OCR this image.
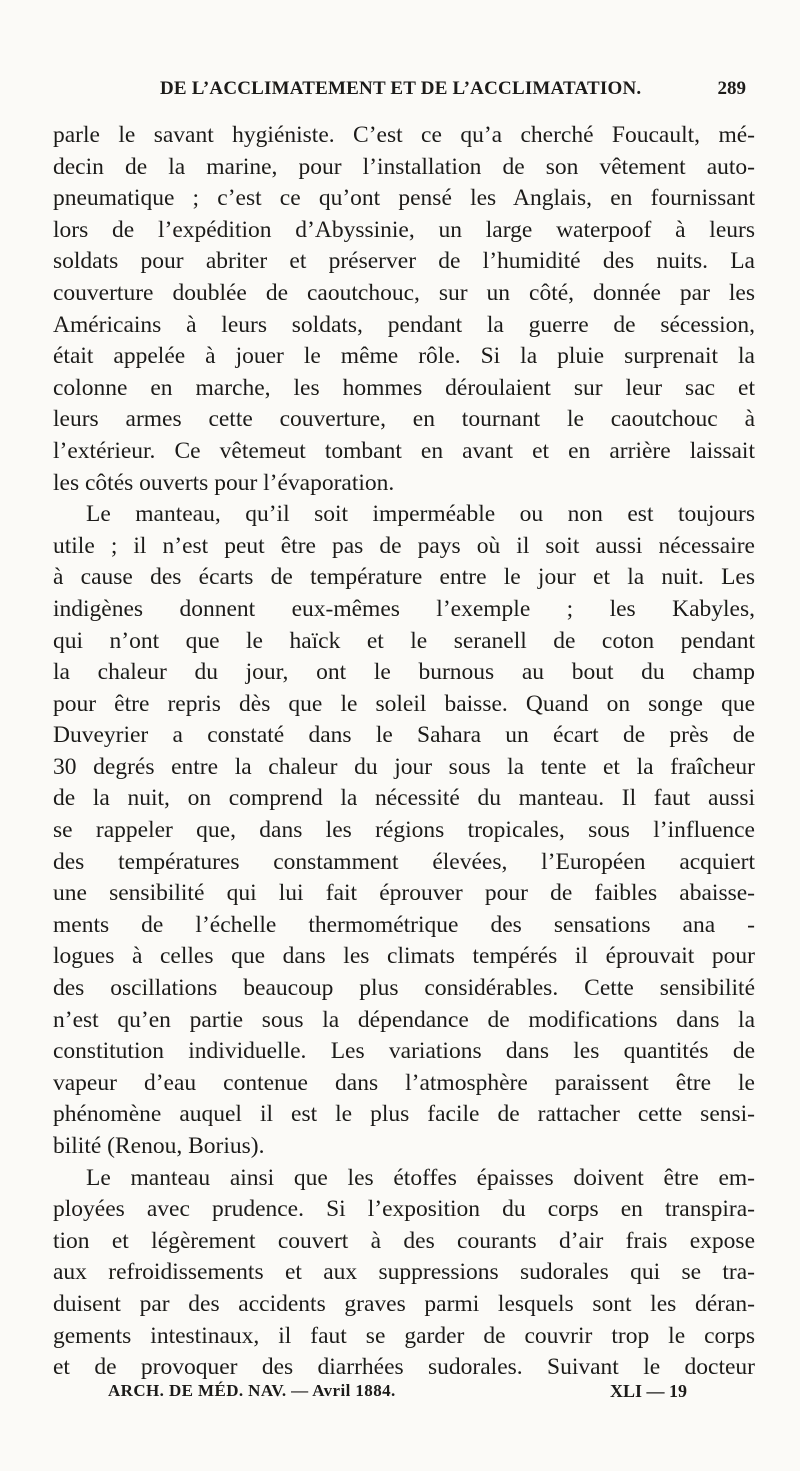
DE L’ACCLIMATEMENT ET DE L’ACCLIMATATION.	289
parle le savant hygiéniste. C’est ce qu’a cherché Foucault, mé-
decin de la marine, pour l’installation de son vêtement auto-
pneumatique ; c’est ce qu’ont pensé les Anglais, en fournissant
lors de l’expédition d’Abyssinie, un large waterpoof à leurs
soldats pour abriter et préserver de l’humidité des nuits. La
couverture doublée de caoutchouc, sur un côté, donnée par les
Américains à leurs soldats, pendant la guerre de sécession,
était appelée à jouer le même rôle. Si la pluie surprenait la
colonne en marche, les hommes déroulaient sur leur sac et
leurs armes cette couverture, en tournant le caoutchouc à
l’extérieur. Ce vêtemeut tombant en avant et en arrière laissait
les côtés ouverts pour l’évaporation.
Le manteau, qu’il soit imperméable ou non est toujours
utile ; il n’est peut être pas de pays où il soit aussi nécessaire
à cause des écarts de température entre le jour et la nuit. Les
indigènes donnent eux-mêmes l’exemple ; les Kabyles,
qui n’ont que le haïck et le seranell de coton pendant
la chaleur du jour, ont le burnous au bout du champ
pour être repris dès que le soleil baisse. Quand on songe que
Duveyrier a constaté dans le Sahara un écart de près de
30 degrés entre la chaleur du jour sous la tente et la fraîcheur
de la nuit, on comprend la nécessité du manteau. Il faut aussi
se rappeler que, dans les régions tropicales, sous l’influence
des températures constamment élevées, l’Européen acquiert
une sensibilité qui lui fait éprouver pour de faibles abaisse-
ments de l’échelle thermométrique des sensations ana -
logues à celles que dans les climats tempérés il éprouvait pour
des oscillations beaucoup plus considérables. Cette sensibilité
n’est qu’en partie sous la dépendance de modifications dans la
constitution individuelle. Les variations dans les quantités de
vapeur d’eau contenue dans l’atmosphère paraissent être le
phénomène auquel il est le plus facile de rattacher cette sensi-
bilité (Renou, Borius).
Le manteau ainsi que les étoffes épaisses doivent être em-
ployées avec prudence. Si l’exposition du corps en transpira-
tion et légèrement couvert à des courants d’air frais expose
aux refroidissements et aux suppressions sudorales qui se tra-
duisent par des accidents graves parmi lesquels sont les déran-
gements intestinaux, il faut se garder de couvrir trop le corps
et de provoquer des diarrhées sudorales. Suivant le docteur
ARCH. DE MÉD. NAV. — Avril 1884.	XLI — 19
